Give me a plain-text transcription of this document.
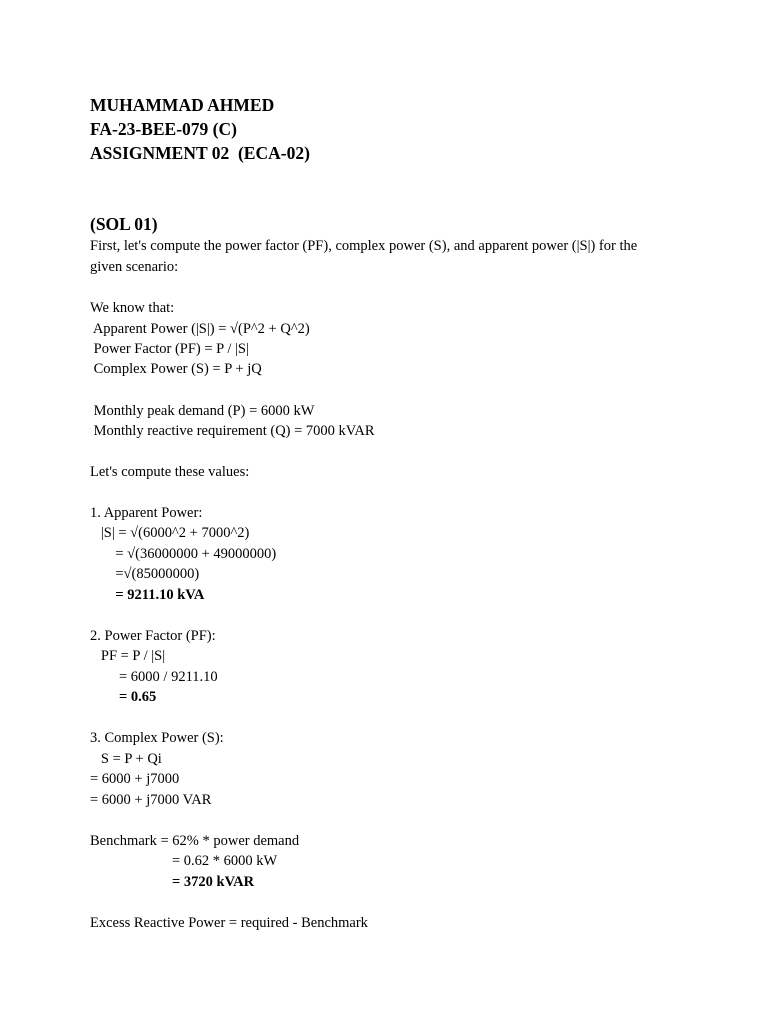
MUHAMMAD AHMED
FA-23-BEE-079 (C)
ASSIGNMENT 02  (ECA-02)
(SOL 01)
First, let's compute the power factor (PF), complex power (S), and apparent power (|S|) for the
given scenario:
We know that:
Apparent Power (|S|) = √(P^2 + Q^2)
Power Factor (PF) = P / |S|
Complex Power (S) = P + jQ
Monthly peak demand (P) = 6000 kW
Monthly reactive requirement (Q) = 7000 kVAR
Let's compute these values:
1. Apparent Power:
|S| = √(6000^2 + 7000^2)
= √(36000000 + 49000000)
=√(85000000)
= 9211.10 kVA
2. Power Factor (PF):
PF = P / |S|
= 6000 / 9211.10
= 0.65
3. Complex Power (S):
S = P + Qi
= 6000 + j7000
= 6000 + j7000 VAR
Benchmark = 62% * power demand
= 0.62 * 6000 kW
= 3720 kVAR
Excess Reactive Power = required - Benchmark
